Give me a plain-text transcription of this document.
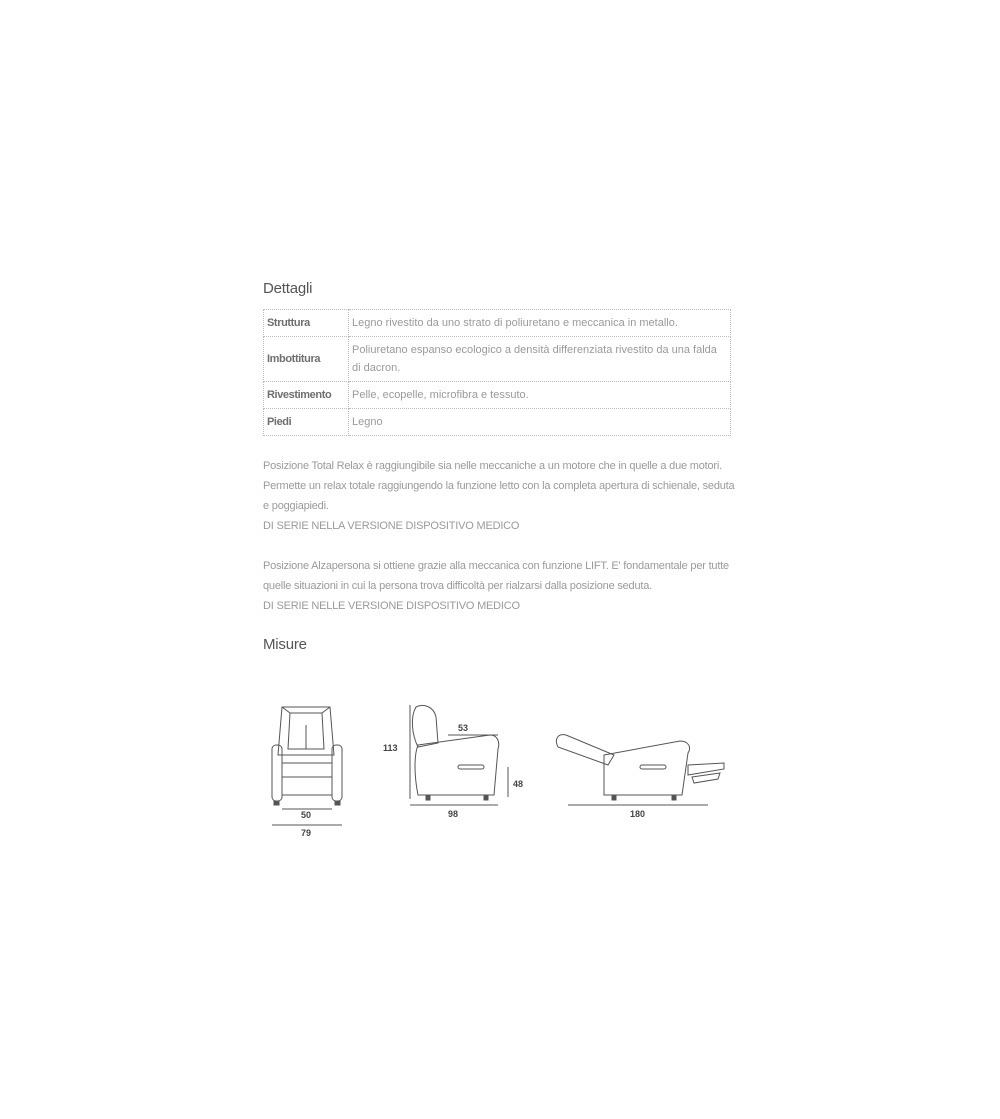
Dettagli
Struttura	Legno rivestito da uno strato di poliuretano e meccanica in metallo.
Imbottitura	Poliuretano espanso ecologico a densità differenziata rivestito da una falda di dacron.
Rivestimento	Pelle, ecopelle, microfibra e tessuto.
Piedi	Legno

Posizione Total Relax è raggiungibile sia nelle meccaniche a un motore che in quelle a due motori. Permette un relax totale raggiungendo la funzione letto con la completa apertura di schienale, seduta e poggiapiedi.

DI SERIE NELLA VERSIONE DISPOSITIVO MEDICO

Posizione Alzapersona si ottiene grazie alla meccanica con funzione LIFT. E' fondamentale per tutte quelle situazioni in cui la persona trova difficoltà per rialzarsi dalla posizione seduta.

DI SERIE NELLE VERSIONE DISPOSITIVO MEDICO

Misure
50
79
113
53
48
98	180
